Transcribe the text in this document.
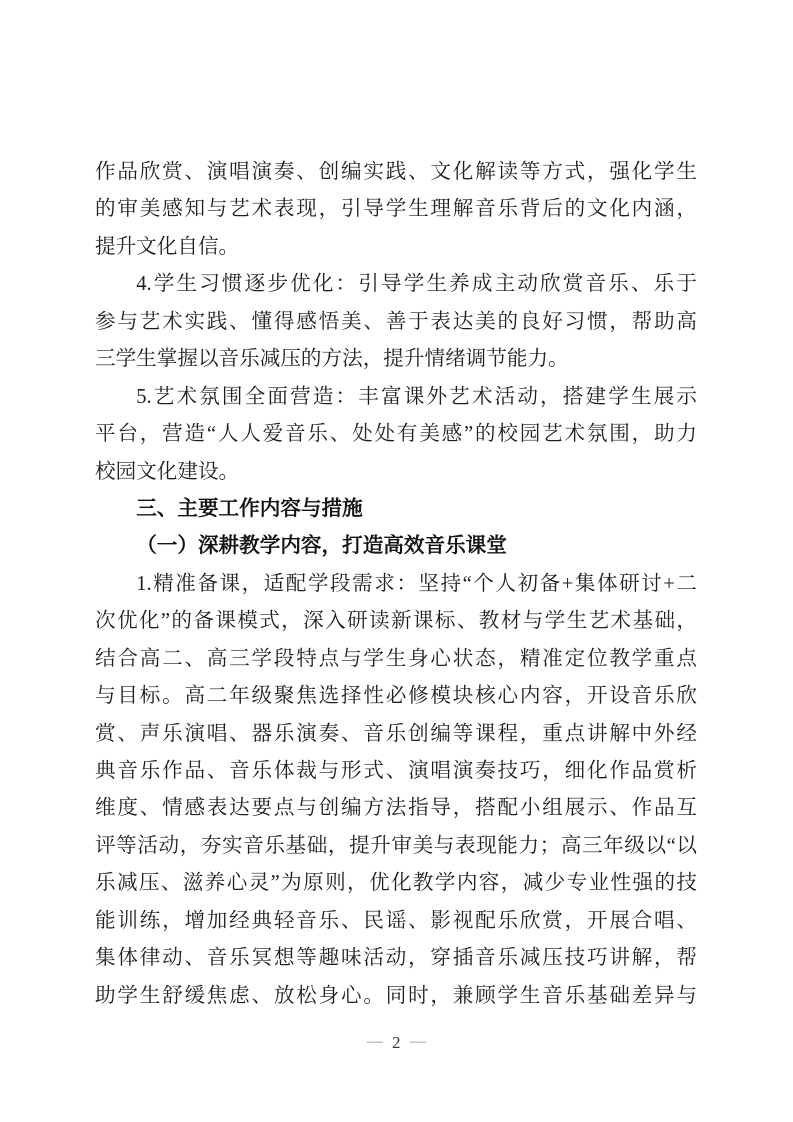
作品欣赏、演唱演奏、创编实践、文化解读等方式，强化学生
的审美感知与艺术表现，引导学生理解音乐背后的文化内涵，
提升文化自信。
4.学生习惯逐步优化：引导学生养成主动欣赏音乐、乐于
参与艺术实践、懂得感悟美、善于表达美的良好习惯，帮助高
三学生掌握以音乐减压的方法，提升情绪调节能力。
5.艺术氛围全面营造：丰富课外艺术活动，搭建学生展示
平台，营造“人人爱音乐、处处有美感”的校园艺术氛围，助力
校园文化建设。
三、主要工作内容与措施
（一）深耕教学内容，打造高效音乐课堂
1.精准备课，适配学段需求：坚持“个人初备+集体研讨+二
次优化”的备课模式，深入研读新课标、教材与学生艺术基础，
结合高二、高三学段特点与学生身心状态，精准定位教学重点
与目标。高二年级聚焦选择性必修模块核心内容，开设音乐欣
赏、声乐演唱、器乐演奏、音乐创编等课程，重点讲解中外经
典音乐作品、音乐体裁与形式、演唱演奏技巧，细化作品赏析
维度、情感表达要点与创编方法指导，搭配小组展示、作品互
评等活动，夯实音乐基础，提升审美与表现能力；高三年级以“以
乐减压、滋养心灵”为原则，优化教学内容，减少专业性强的技
能训练，增加经典轻音乐、民谣、影视配乐欣赏，开展合唱、
集体律动、音乐冥想等趣味活动，穿插音乐减压技巧讲解，帮
助学生舒缓焦虑、放松身心。同时，兼顾学生音乐基础差异与
— 2 —
